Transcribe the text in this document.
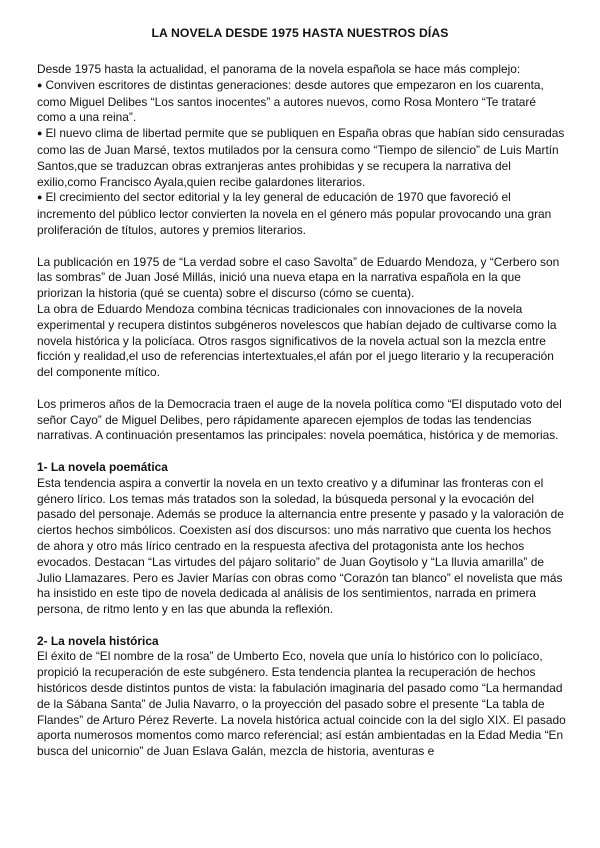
LA NOVELA DESDE 1975 HASTA NUESTROS DÍAS

Desde 1975 hasta la actualidad, el panorama de la novela española se hace más complejo:

● Conviven escritores de distintas generaciones: desde autores que empezaron en los cuarenta, como Miguel Delibes “Los santos inocentes” a autores nuevos, como Rosa Montero “Te trataré como a una reina”.

● El nuevo clima de libertad permite que se publiquen en España obras que habían sido censuradas como las de Juan Marsé, textos mutilados por la censura como “Tiempo de silencio” de Luis Martín Santos,que se traduzcan obras extranjeras antes prohibidas y se recupera la narrativa del exilio,como Francisco Ayala,quien recibe galardones literarios.

● El crecimiento del sector editorial y la ley general de educación de 1970 que favoreció el incremento del público lector convierten la novela en el género más popular provocando una gran proliferación de títulos, autores y premios literarios.

La publicación en 1975 de “La verdad sobre el caso Savolta” de Eduardo Mendoza, y “Cerbero son las sombras” de Juan José Millás, inició una nueva etapa en la narrativa española en la que priorizan la historia (qué se cuenta) sobre el discurso (cómo se cuenta).

La obra de Eduardo Mendoza combina técnicas tradicionales con innovaciones de la novela experimental y recupera distintos subgéneros novelescos que habían dejado de cultivarse como la novela histórica y la policíaca. Otros rasgos significativos de la novela actual son la mezcla entre ficción y realidad,el uso de referencias intertextuales,el afán por el juego literario y la recuperación del componente mítico.

Los primeros años de la Democracia traen el auge de la novela política como “El disputado voto del señor Cayo” de Miguel Delibes, pero rápidamente aparecen ejemplos de todas las tendencias narrativas. A continuación presentamos las principales: novela poemática, histórica y de memorias.

1- La novela poemática

Esta tendencia aspira a convertir la novela en un texto creativo y a difuminar las fronteras con el género lírico. Los temas más tratados son la soledad, la búsqueda personal y la evocación del pasado del personaje. Además se produce la alternancia entre presente y pasado y la valoración de ciertos hechos simbólicos. Coexisten así dos discursos: uno más narrativo que cuenta los hechos de ahora y otro más lírico centrado en la respuesta afectiva del protagonista ante los hechos evocados. Destacan “Las virtudes del pájaro solitario” de Juan Goytisolo y “La lluvia amarilla” de Julio Llamazares. Pero es Javier Marías con obras como “Corazón tan blanco” el novelista que más ha insistido en este tipo de novela dedicada al análisis de los sentimientos, narrada en primera persona, de ritmo lento y en las que abunda la reflexión.

2- La novela histórica

El éxito de “El nombre de la rosa” de Umberto Eco, novela que unía lo histórico con lo policíaco, propició la recuperación de este subgénero. Esta tendencia plantea la recuperación de hechos históricos desde distintos puntos de vista: la fabulación imaginaria del pasado como “La hermandad de la Sábana Santa” de Julia Navarro, o la proyección del pasado sobre el presente “La tabla de Flandes” de Arturo Pérez Reverte. La novela histórica actual coincide con la del siglo XIX. El pasado aporta numerosos momentos como marco referencial; así están ambientadas en la Edad Media “En busca del unicornio” de Juan Eslava Galán, mezcla de historia, aventuras e
